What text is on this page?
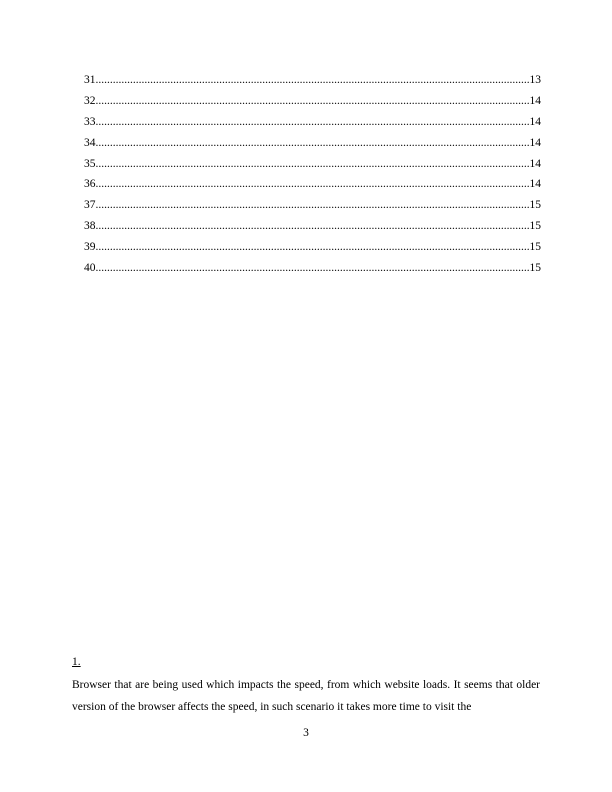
31 .....	13
32 .....	14
33 .....	14
34 .....	14
35 .....	14
36 .....	14
37 .....	15
38 .....	15
39 .....	15
40 .....	15
1.

Browser that are being used which impacts the speed, from which website loads. It seems that older version of the browser affects the speed, in such scenario it takes more time to visit the

3
